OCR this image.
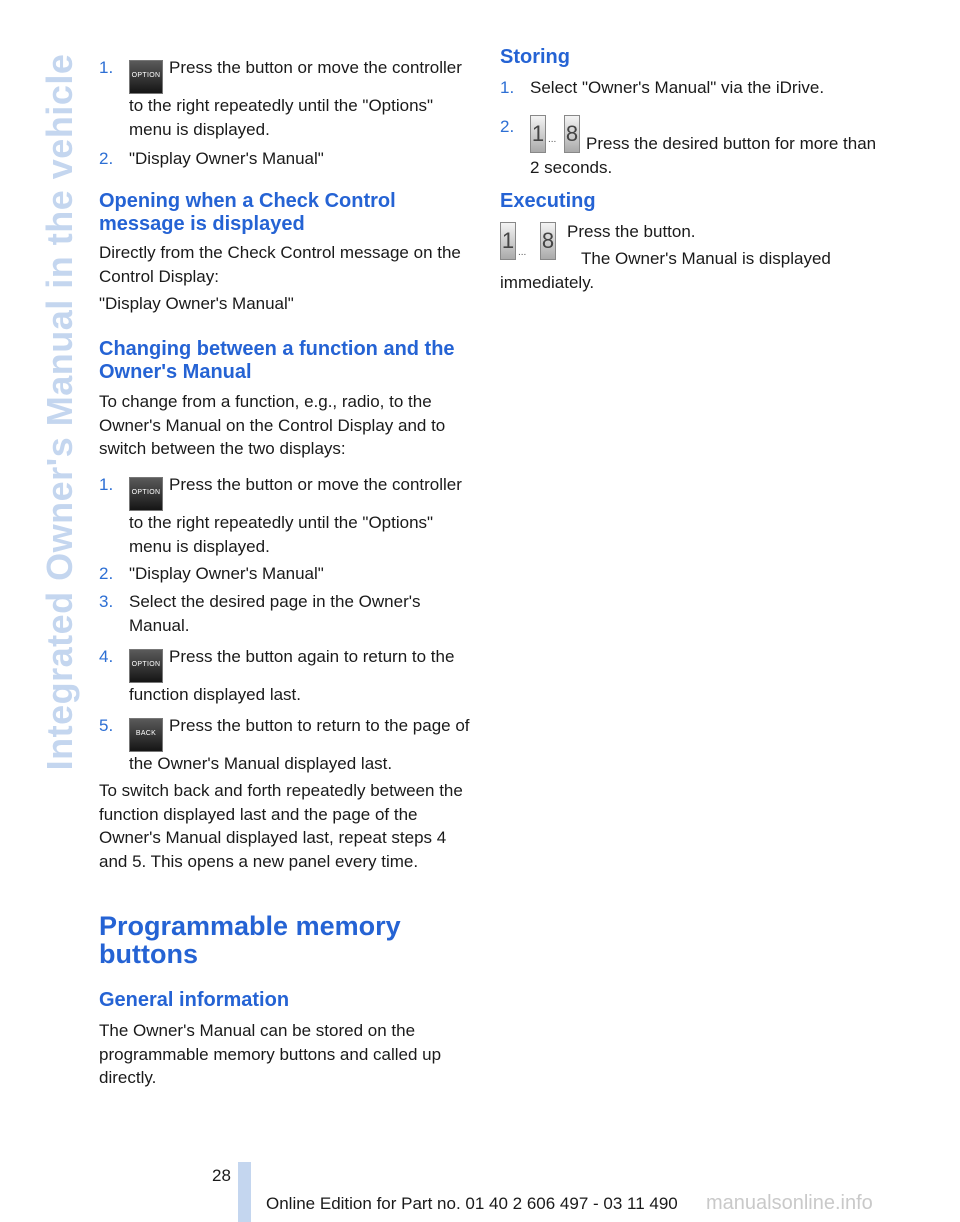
Integrated Owner's Manual in the vehicle 1.	OPTION Press the button or move the controller to the right repeatedly until the "Options" menu is displayed.
2. "Display Owner's Manual"
Opening when a Check Control message is displayed
Directly from the Check Control message on the Control Display:
"Display Owner's Manual"
Changing between a function and the Owner's Manual
To change from a function, e.g., radio, to the Owner's Manual on the Control Display and to switch between the two displays:
1.	OPTION Press the button or move the controller to the right repeatedly until the "Options" menu is displayed.
2. "Display Owner's Manual"
3. Select the desired page in the Owner's Manual.
4.	OPTION Press the button again to return to the function displayed last.
5.	BACK Press the button to return to the page of the Owner's Manual displayed last.
To switch back and forth repeatedly between the function displayed last and the page of the Owner's Manual displayed last, repeat steps 4 and 5. This opens a new panel every time.
Programmable memory buttons
General information
The Owner's Manual can be stored on the programmable memory buttons and called up directly.
Storing
1. Select "Owner's Manual" via the iDrive.
2. 1 ... 8 Press the desired button for more than 2 seconds.
Executing
1 ... 8 Press the button.
The Owner's Manual is displayed immediately.
28
Online Edition for Part no. 01 40 2 606 497 - 03 11 490 manualsonline.info
